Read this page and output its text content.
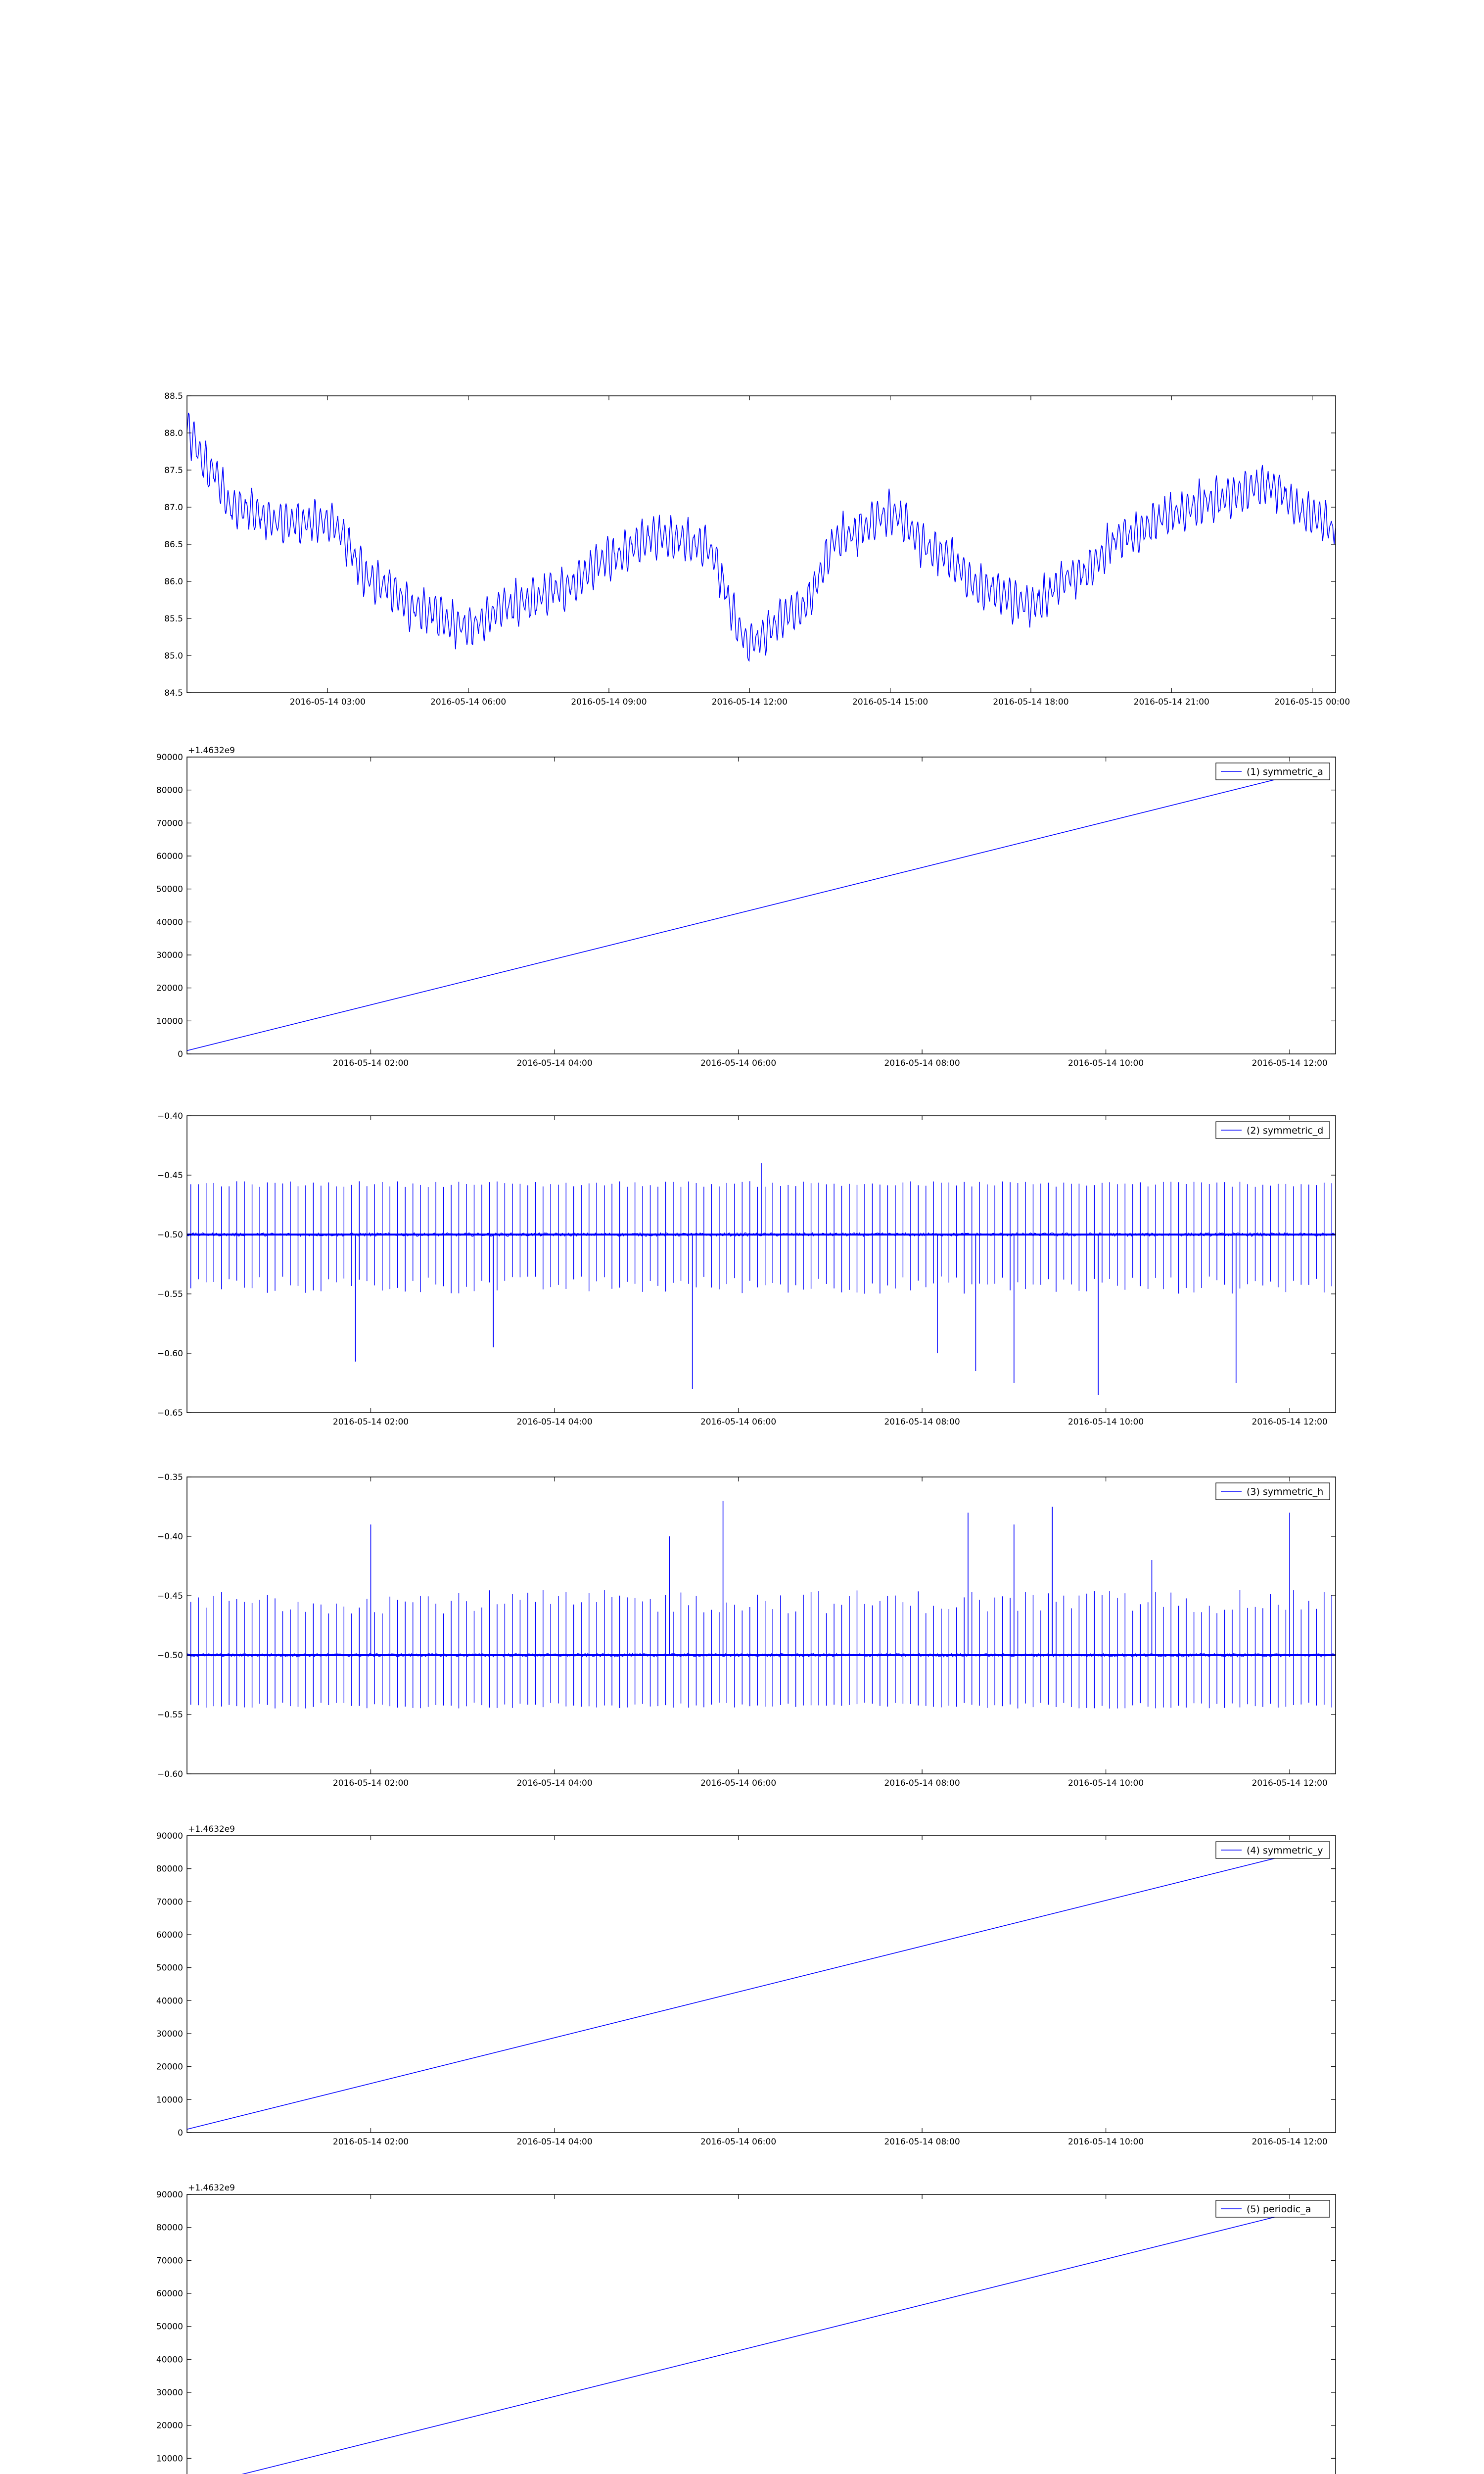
84.5
85.0
85.5
86.0
86.5
87.0
87.5
88.0
88.5
2016-05-14 03:00	2016-05-14 06:00	2016-05-14 09:00	2016-05-14 12:00	2016-05-14 15:00	2016-05-14 18:00	2016-05-14 21:00	2016-05-15 00:00
0
10000
20000
30000
40000
50000
60000
70000
80000
90000
2016-05-14 02:00	2016-05-14 04:00	2016-05-14 06:00	2016-05-14 08:00	2016-05-14 10:00	2016-05-14 12:00
+1.4632e9
(1) symmetric_a
−0.65
−0.60
−0.55
−0.50
−0.45
−0.40
2016-05-14 02:00	2016-05-14 04:00	2016-05-14 06:00	2016-05-14 08:00	2016-05-14 10:00	2016-05-14 12:00
(2) symmetric_d
−0.60
−0.55
−0.50
−0.45
−0.40
−0.35
2016-05-14 02:00	2016-05-14 04:00	2016-05-14 06:00	2016-05-14 08:00	2016-05-14 10:00	2016-05-14 12:00
(3) symmetric_h
0
10000
20000
30000
40000
50000
60000
70000
80000
90000
2016-05-14 02:00	2016-05-14 04:00	2016-05-14 06:00	2016-05-14 08:00	2016-05-14 10:00	2016-05-14 12:00
+1.4632e9
(4) symmetric_y
10000
20000
30000
40000
50000
60000
70000
80000
90000
+1.4632e9
(5) periodic_a
